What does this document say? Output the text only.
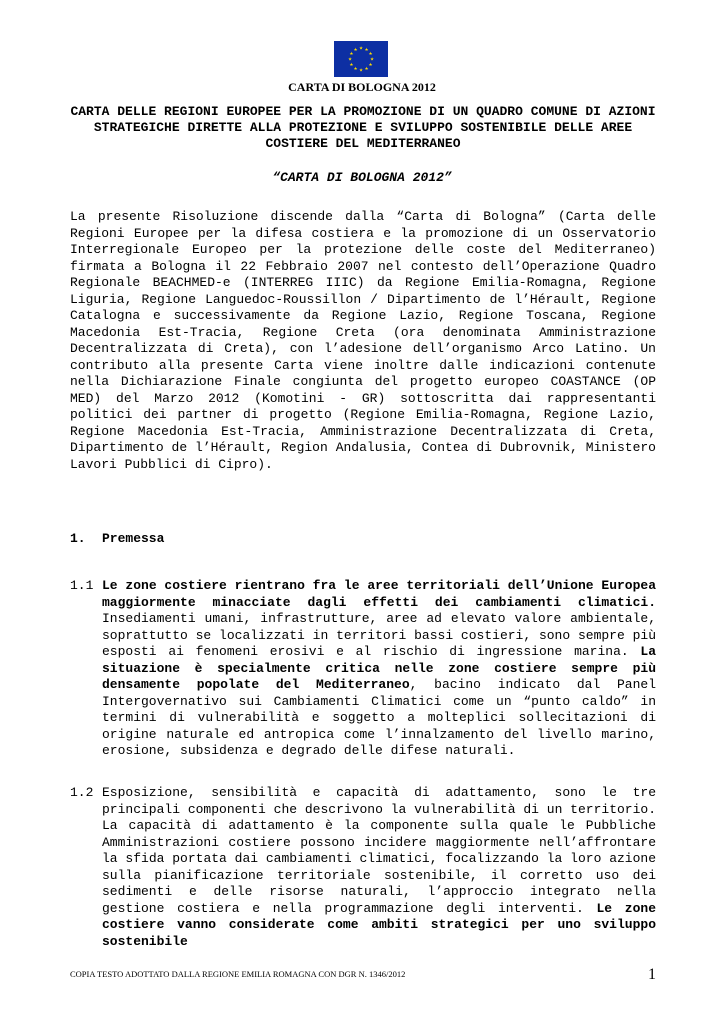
★
★
★
★
★
★
★
★
★ ★ ★
★
CARTA DI BOLOGNA 2012
CARTA DELLE REGIONI EUROPEE PER LA PROMOZIONE DI UN QUADRO COMUNE DI AZIONI STRATEGICHE DIRETTE ALLA PROTEZIONE E SVILUPPO SOSTENIBILE DELLE AREE COSTIERE DEL MEDITERRANEO
“CARTA DI BOLOGNA 2012”
La presente Risoluzione discende dalla “Carta di Bologna” (Carta delle Regioni Europee per la difesa costiera e la promozione di un Osservatorio Interregionale Europeo per la protezione delle coste del Mediterraneo) firmata a Bologna il 22 Febbraio 2007 nel contesto dell’Operazione Quadro Regionale BEACHMED-e (INTERREG IIIC) da Regione Emilia-Romagna, Regione Liguria, Regione Languedoc-Roussillon / Dipartimento de l’Hérault, Regione Catalogna e successivamente da Regione Lazio, Regione Toscana, Regione Macedonia Est-Tracia, Regione Creta (ora denominata Amministrazione Decentralizzata di Creta), con l’adesione dell’organismo Arco Latino. Un contributo alla presente Carta viene inoltre dalle indicazioni contenute nella Dichiarazione Finale congiunta del progetto europeo COASTANCE (OP MED) del Marzo 2012 (Komotini - GR) sottoscritta dai rappresentanti politici dei partner di progetto (Regione Emilia-Romagna, Regione Lazio, Regione Macedonia Est-Tracia, Amministrazione Decentralizzata di Creta, Dipartimento de l’Hérault, Region Andalusia, Contea di Dubrovnik, Ministero Lavori Pubblici di Cipro).
1. Premessa
1.1 Le zone costiere rientrano fra le aree territoriali dell’Unione Europea maggiormente minacciate dagli effetti dei cambiamenti climatici. Insediamenti umani, infrastrutture, aree ad elevato valore ambientale, soprattutto se localizzati in territori bassi costieri, sono sempre più esposti ai fenomeni erosivi e al rischio di ingressione marina. La situazione è specialmente critica nelle zone costiere sempre più densamente popolate del Mediterraneo, bacino indicato dal Panel Intergovernativo sui Cambiamenti Climatici come un “punto caldo” in termini di vulnerabilità e soggetto a molteplici sollecitazioni di origine naturale ed antropica come l’innalzamento del livello marino, erosione, subsidenza e degrado delle difese naturali.
1.2 Esposizione, sensibilità e capacità di adattamento, sono le tre principali componenti che descrivono la vulnerabilità di un territorio. La capacità di adattamento è la componente sulla quale le Pubbliche Amministrazioni costiere possono incidere maggiormente nell’affrontare la sfida portata dai cambiamenti climatici, focalizzando la loro azione sulla pianificazione territoriale sostenibile, il corretto uso dei sedimenti e delle risorse naturali, l’approccio integrato nella gestione costiera e nella programmazione degli interventi. Le zone costiere vanno considerate come ambiti strategici per uno sviluppo sostenibile
COPIA TESTO ADOTTATO DALLA REGIONE EMILIA ROMAGNA CON DGR N. 1346/2012	1
